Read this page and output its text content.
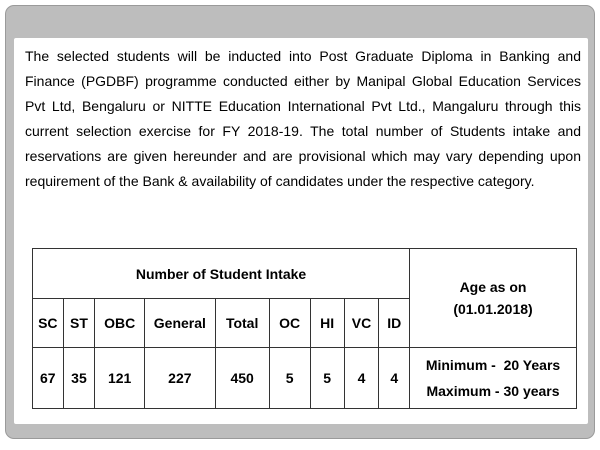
The selected students will be inducted into Post Graduate Diploma in Banking and Finance (PGDBF) programme conducted either by Manipal Global Education Services Pvt Ltd, Bengaluru or NITTE Education International Pvt Ltd., Mangaluru through this current selection exercise for FY 2018-19. The total number of Students intake and reservations are given hereunder and are provisional which may vary depending upon requirement of the Bank & availability of candidates under the respective category.

Number of Student Intake									Age as on
(01.01.2018)

SC	ST	OBC	General	Total	OC	HI	VC	ID	
67	35	121	227	450	5	5	4	4	Minimum -  20 Years
Maximum - 30 years
